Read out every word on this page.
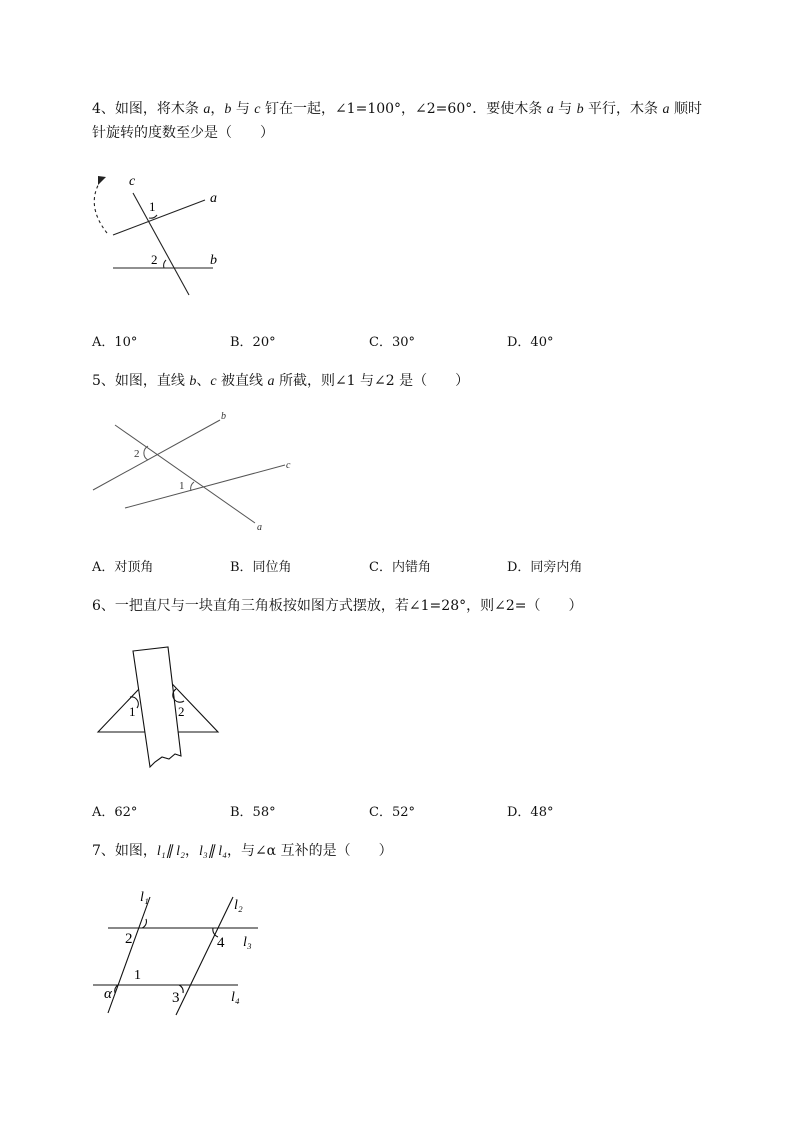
4、如图，将木条 a，b 与 c 钉在一起，∠1=100°，∠2=60°．要使木条 a 与 b 平行，木条 a 顺时
针旋转的度数至少是（　　）
c
1
a
2	b
A．10°	B．20°	C．30°	D．40°
5、如图，直线 b、c 被直线 a 所截，则∠1 与∠2 是（　　）
b
2
1
c
a
A．对顶角	B．同位角	C．内错角	D．同旁内角
6、一把直尺与一块直角三角板按如图方式摆放，若∠1=28°，则∠2=（　　）
1	2
A．62°	B．58°	C．52°	D．48°
7、如图，l₁∥ l₂，l₃∥ l₄，与∠α 互补的是（　　）
l₁
l₂
2	4 l₃
1
α	3	l₄
